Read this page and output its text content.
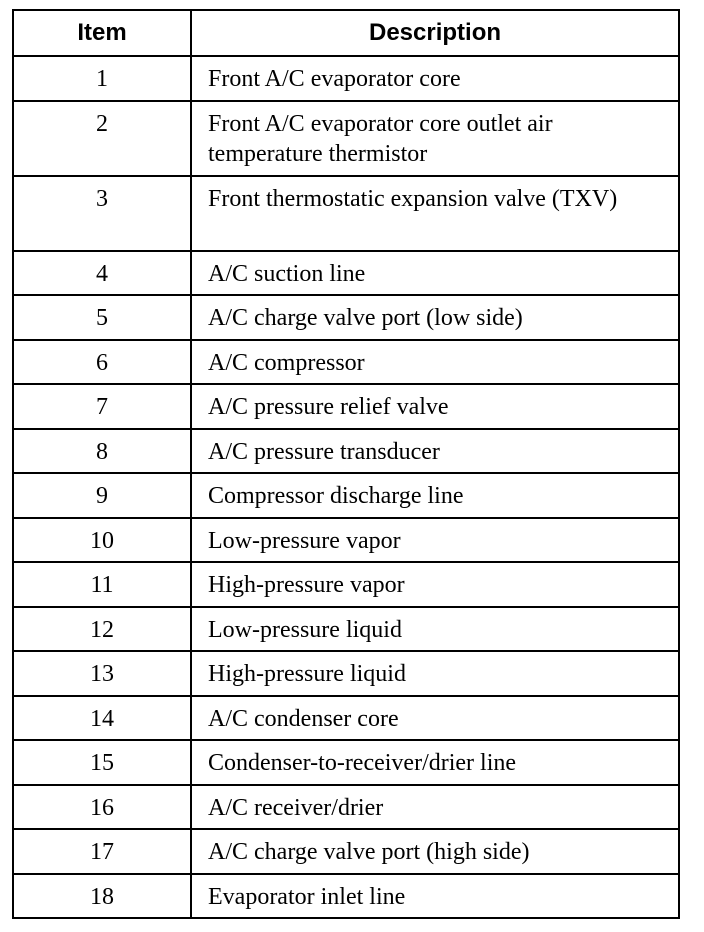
Item	Description
1	Front A/C evaporator core
2	Front A/C evaporator core outlet air temperature thermistor
3	Front thermostatic expansion valve (TXV)
4	A/C suction line
5	A/C charge valve port (low side)
6	A/C compressor
7	A/C pressure relief valve
8	A/C pressure transducer
9	Compressor discharge line
10	Low-pressure vapor
11	High-pressure vapor
12	Low-pressure liquid
13	High-pressure liquid
14	A/C condenser core
15	Condenser-to-receiver/drier line
16	A/C receiver/drier
17	A/C charge valve port (high side)
18	Evaporator inlet line
